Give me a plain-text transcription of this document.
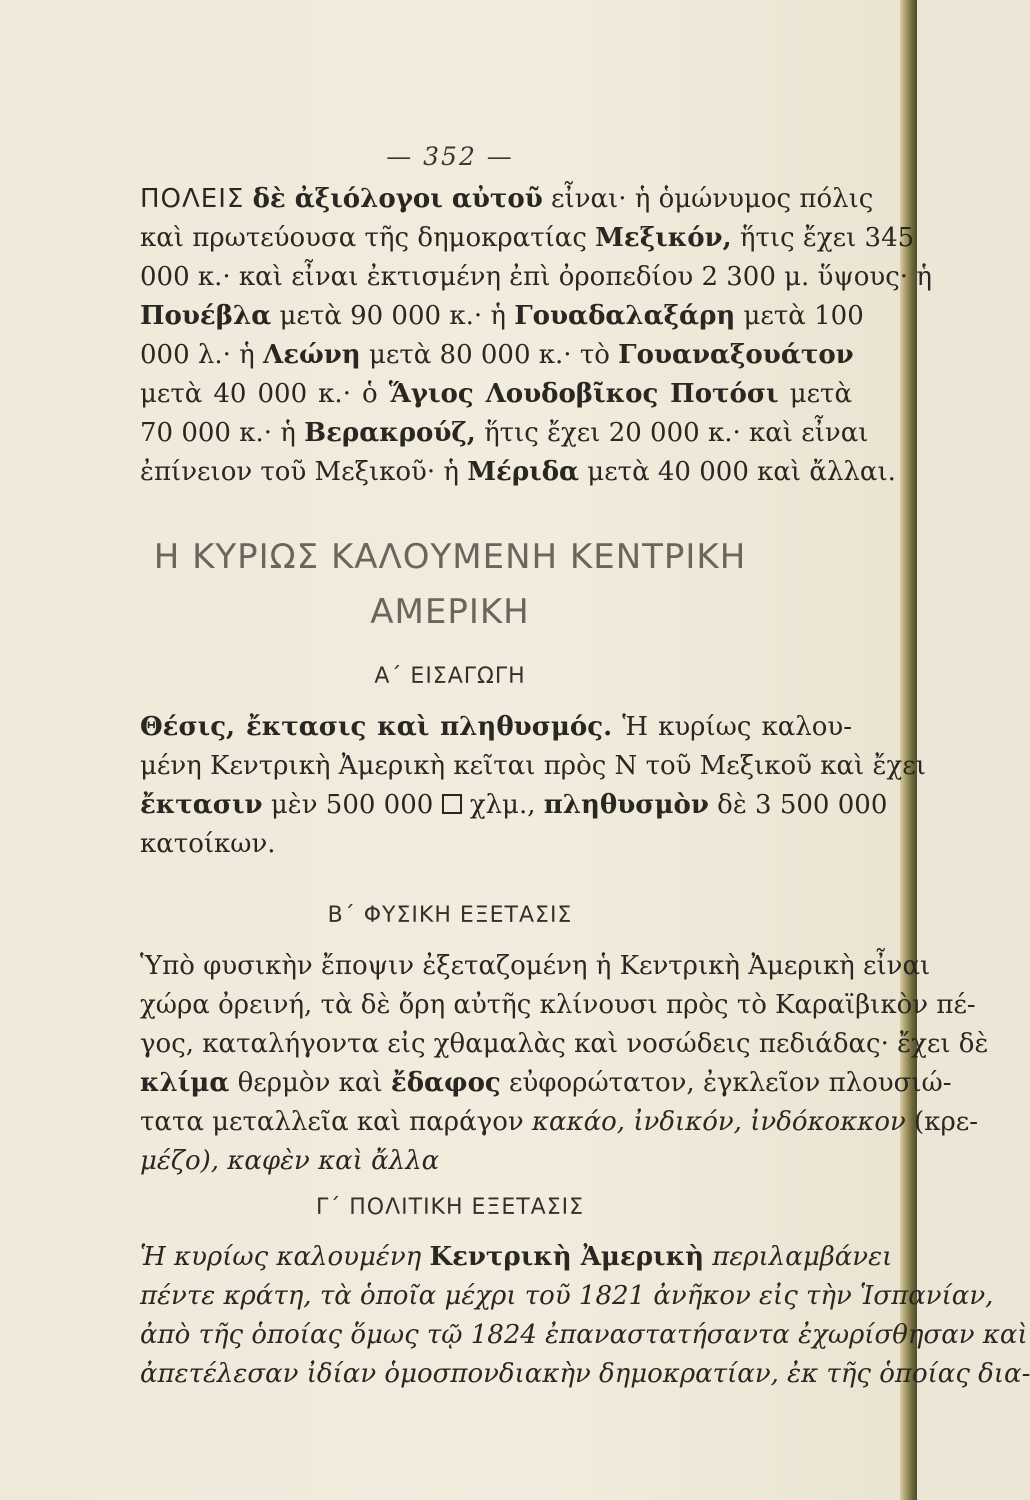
— 352 —
ΠΟΛΕΙΣ δὲ ἀξιόλογοι αὐτοῦ εἶναι· ἡ ὁμώνυμος πόλις
καὶ πρωτεύουσα τῆς δημοκρατίας Μεξικόν, ἥτις ἔχει 345
000 κ.· καὶ εἶναι ἐκτισμένη ἐπὶ ὀροπεδίου 2 300 μ. ὕψους· ἡ
Πουέβλα μετὰ 90 000 κ.· ἡ Γουαδαλαξάρη μετὰ 100
000 λ.· ἡ Λεώνη μετὰ 80 000 κ.· τὸ Γουαναξουάτον
μετὰ 40 000 κ.· ὁ Ἅγιος Λουδοβῖκος Ποτόσι μετὰ
70 000 κ.· ἡ Βερακρούζ, ἥτις ἔχει 20 000 κ.· καὶ εἶναι
ἐπίνειον τοῦ Μεξικοῦ· ἡ Μέριδα μετὰ 40 000 καὶ ἄλλαι.
Η ΚΥΡΙΩΣ ΚΑΛΟΥΜΕΝΗ ΚΕΝΤΡΙΚΗ
ΑΜΕΡΙΚΗ
Α΄ ΕΙΣΑΓΩΓΗ
Θέσις, ἔκτασις καὶ πληθυσμός. Ἡ κυρίως καλου-
μένη Κεντρικὴ Ἀμερικὴ κεῖται πρὸς Ν τοῦ Μεξικοῦ καὶ ἔχει
ἔκτασιν μὲν 500 000  χλμ., πληθυσμὸν δὲ 3 500 000
κατοίκων.
Β΄ ΦΥΣΙΚΗ ΕΞΕΤΑΣΙΣ
Ὑπὸ φυσικὴν ἔποψιν ἐξεταζομένη ἡ Κεντρικὴ Ἀμερικὴ εἶναι
χώρα ὀρεινή, τὰ δὲ ὄρη αὐτῆς κλίνουσι πρὸς τὸ Καραϊβικὸν πέ-
γος, καταλήγοντα εἰς χθαμαλὰς καὶ νοσώδεις πεδιάδας· ἔχει δὲ
κλίμα θερμὸν καὶ ἔδαφος εὐφορώτατον, ἐγκλεῖον πλουσιώ-
τατα μεταλλεῖα καὶ παράγον κακάο, ἰνδικόν, ἰνδόκοκκον (κρε-
μέζο), καφὲν καὶ ἄλλα
Γ΄ ΠΟΛΙΤΙΚΗ ΕΞΕΤΑΣΙΣ
Ἡ κυρίως καλουμένη Κεντρικὴ Ἀμερικὴ περιλαμβάνει
πέντε κράτη, τὰ ὁποῖα μέχρι τοῦ 1821 ἀνῆκον εἰς τὴν Ἱσπανίαν,
ἀπὸ τῆς ὁποίας ὅμως τῷ 1824 ἐπαναστατήσαντα ἐχωρίσθησαν καὶ
ἀπετέλεσαν ἰδίαν ὁμοσπονδιακὴν δημοκρατίαν, ἐκ τῆς ὁποίας δια-
